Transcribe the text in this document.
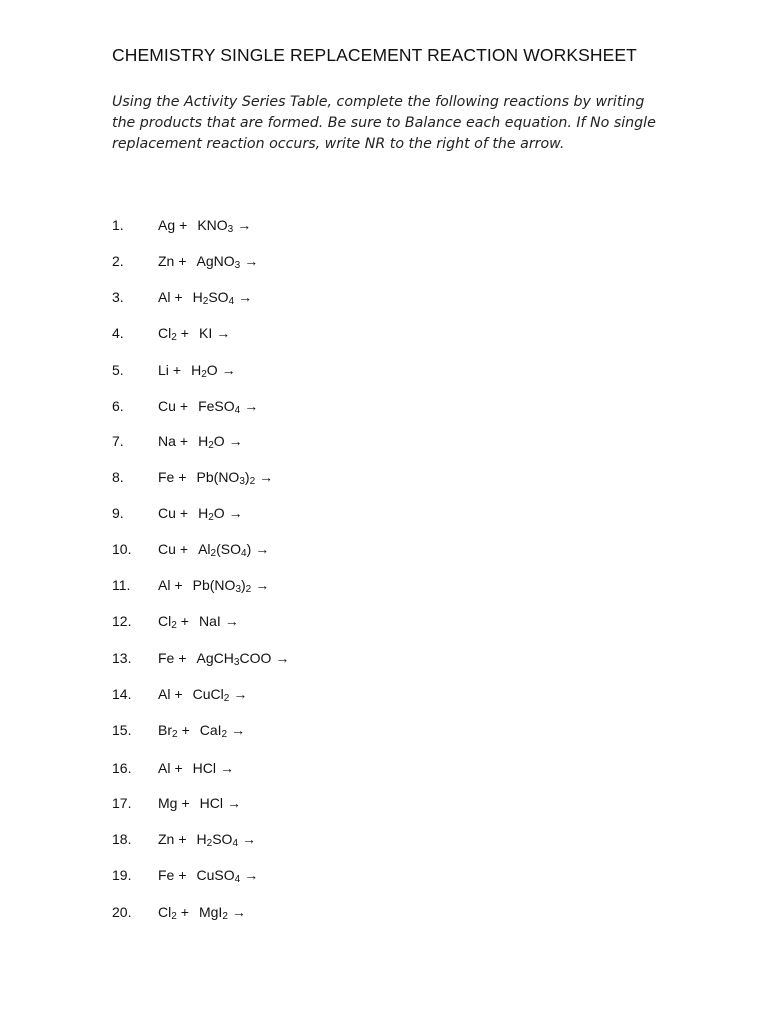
CHEMISTRY SINGLE REPLACEMENT REACTION WORKSHEET

Using the Activity Series Table, complete the following reactions by writing the products that are formed. Be sure to Balance each equation. If No single replacement reaction occurs, write NR to the right of the arrow.

1. $Ag + KNO_3$ →
2. Zn + AgNO$_3$ →
3. $Al + H_2SO_4$ →
4. $Cl_2$ + KI →
5. $Li + H_2O$ →
6. Cu + FeSO$_4$ →
7. $Na + H_2O$ →
8. $Fe + Pb(NO_3)_2$ →
9. $Cu + H_2O$ →
10. $Cu + Al_2(SO_4)$ →
11. $Al + Pb(NO_3)_2$ →
12. $Cl_2$ + NaI →
13. Fe + AgCH$_3$COO →
14. Al + CuCl$_2$ →
15. $Br_2 + CaI_2$ →
16. Al + HCl →
17. Mg + HCl →
18. $Zn + H_2SO_4$ →
19. Fe + CuSO$_4$ →
20. $Cl_2 + MgI_2$ →
